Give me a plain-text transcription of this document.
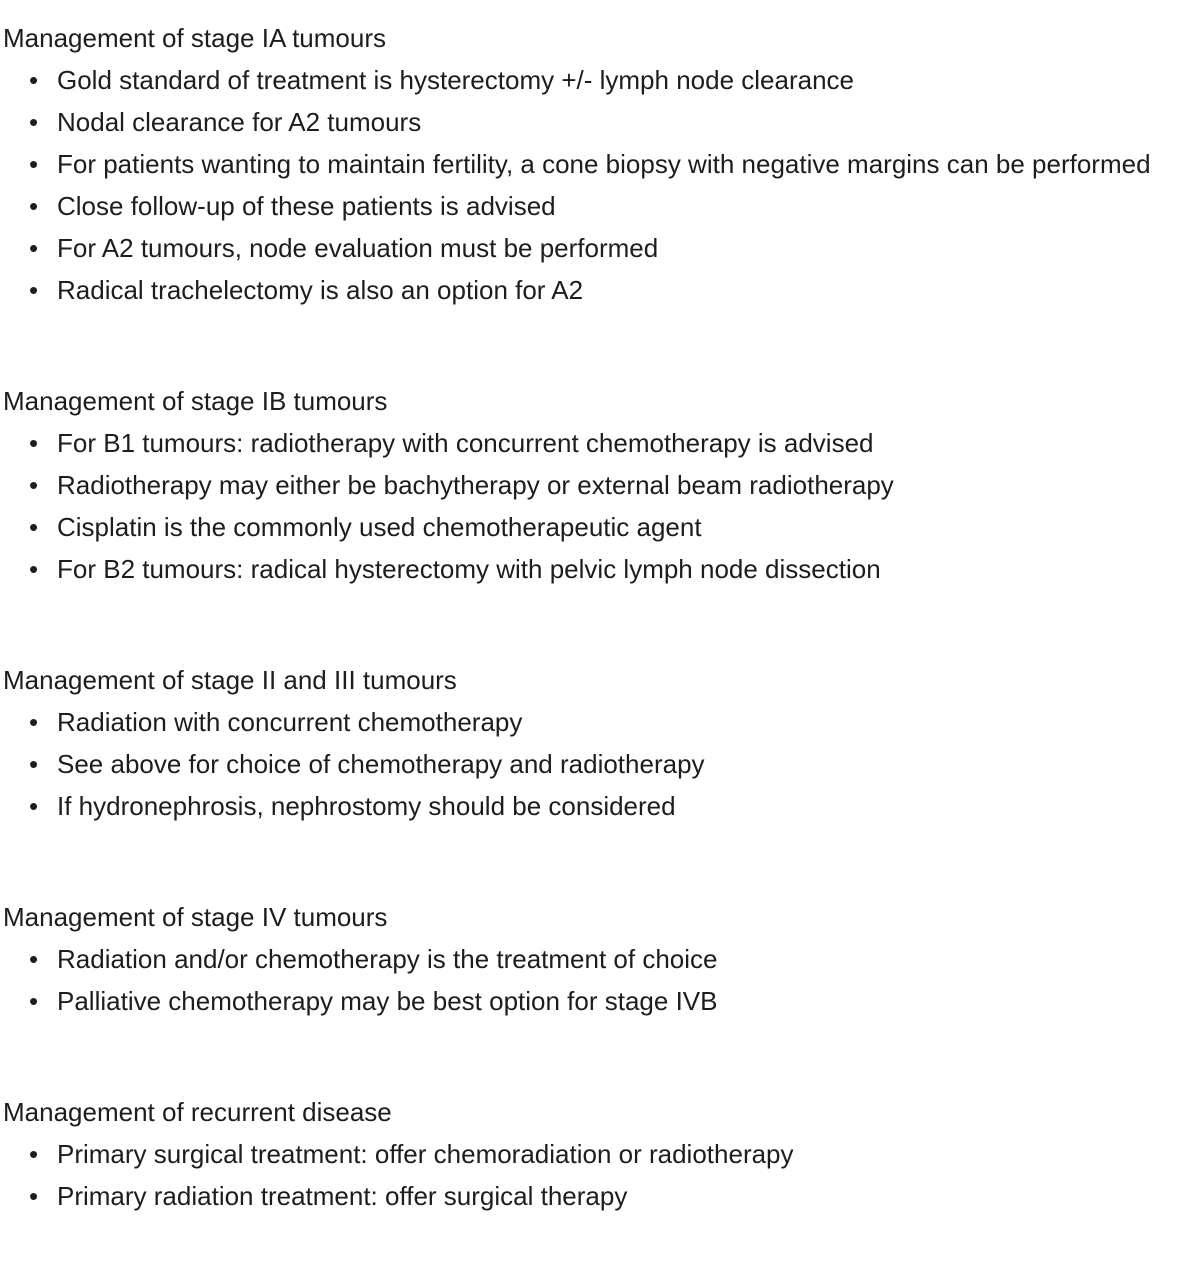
Management of stage IA tumours

• Gold standard of treatment is hysterectomy +/- lymph node clearance
• Nodal clearance for A2 tumours
• For patients wanting to maintain fertility, a cone biopsy with negative margins can be performed
• Close follow-up of these patients is advised
• For A2 tumours, node evaluation must be performed
• Radical trachelectomy is also an option for A2

Management of stage IB tumours

• For B1 tumours: radiotherapy with concurrent chemotherapy is advised
• Radiotherapy may either be bachytherapy or external beam radiotherapy
• Cisplatin is the commonly used chemotherapeutic agent
• For B2 tumours: radical hysterectomy with pelvic lymph node dissection

Management of stage II and III tumours

• Radiation with concurrent chemotherapy
• See above for choice of chemotherapy and radiotherapy
• If hydronephrosis, nephrostomy should be considered

Management of stage IV tumours

• Radiation and/or chemotherapy is the treatment of choice
• Palliative chemotherapy may be best option for stage IVB

Management of recurrent disease

• Primary surgical treatment: offer chemoradiation or radiotherapy
• Primary radiation treatment: offer surgical therapy
